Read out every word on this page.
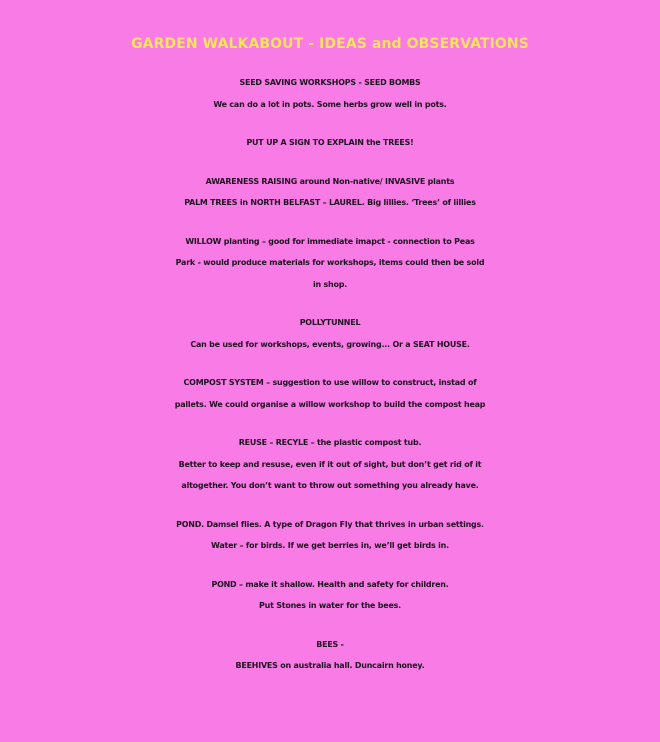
GARDEN WALKABOUT - IDEAS and OBSERVATIONS
SEED SAVING WORKSHOPS - SEED BOMBS
We can do a lot in pots. Some herbs grow well in pots.
PUT UP A SIGN TO EXPLAIN the TREES!
AWARENESS RAISING around Non-native/ INVASIVE plants
PALM TREES in NORTH BELFAST – LAUREL. Big lillies. ‘Trees’ of lillies
WILLOW planting – good for immediate imapct - connection to Peas
Park - would produce materials for workshops, items could then be sold
in shop.
POLLYTUNNEL
Can be used for workshops, events, growing... Or a SEAT HOUSE.
COMPOST SYSTEM – suggestion to use willow to construct, instad of
pallets. We could organise a willow workshop to build the compost heap
REUSE – RECYLE – the plastic compost tub.
Better to keep and resuse, even if it out of sight, but don’t get rid of it
altogether. You don’t want to throw out something you already have.
POND. Damsel flies. A type of Dragon Fly that thrives in urban settings.
Water – for birds. If we get berries in, we’ll get birds in.
POND – make it shallow. Health and safety for children.
Put Stones in water for the bees.
BEES -
BEEHIVES on australia hall. Duncairn honey.
